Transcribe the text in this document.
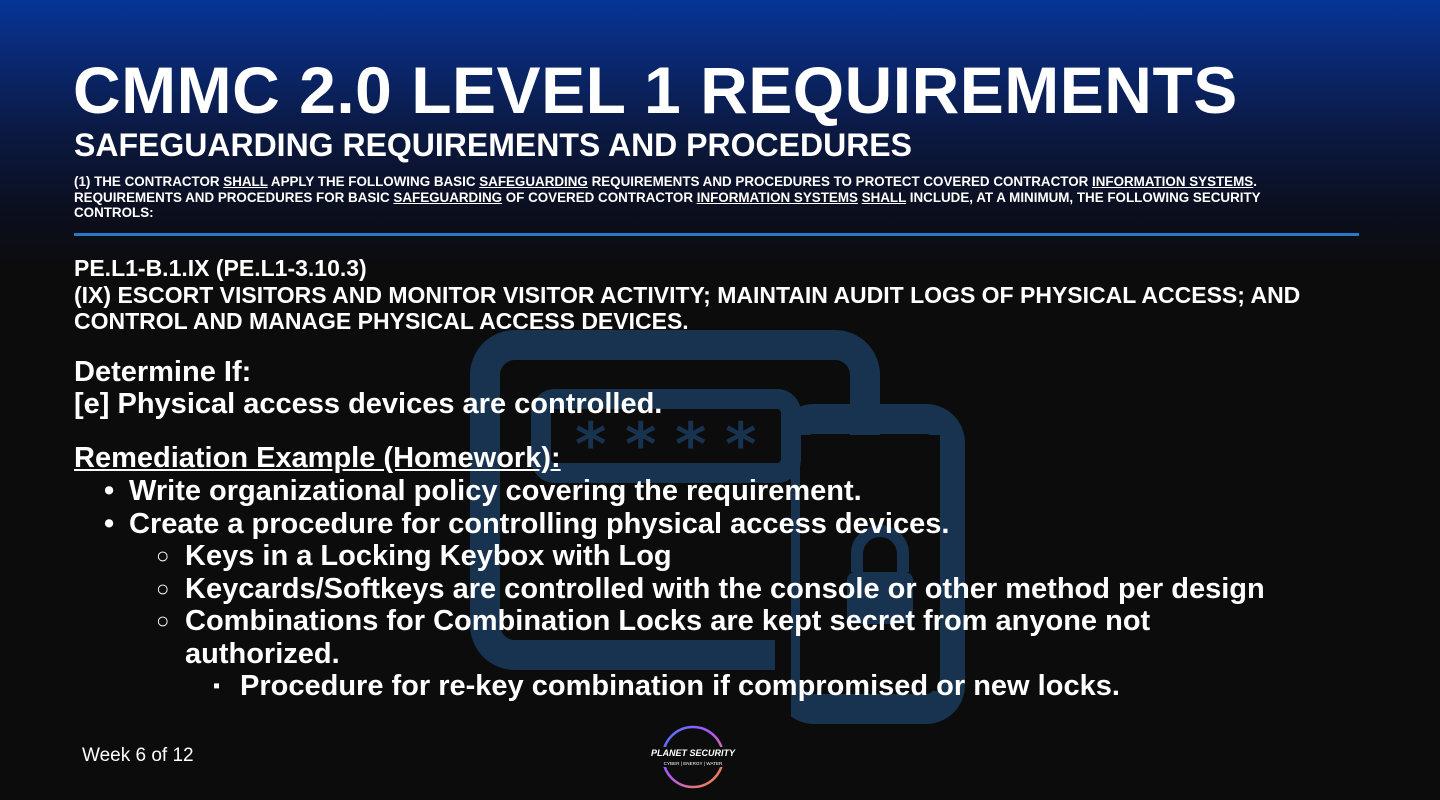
* * * *
CMMC 2.0 LEVEL 1 REQUIREMENTS
SAFEGUARDING REQUIREMENTS AND PROCEDURES

(1) THE CONTRACTOR SHALL APPLY THE FOLLOWING BASIC SAFEGUARDING REQUIREMENTS AND PROCEDURES TO PROTECT COVERED CONTRACTOR INFORMATION SYSTEMS. REQUIREMENTS AND PROCEDURES FOR BASIC SAFEGUARDING OF COVERED CONTRACTOR INFORMATION SYSTEMS SHALL INCLUDE, AT A MINIMUM, THE FOLLOWING SECURITY CONTROLS:

PE.L1-B.1.IX (PE.L1-3.10.3)

(IX) ESCORT VISITORS AND MONITOR VISITOR ACTIVITY; MAINTAIN AUDIT LOGS OF PHYSICAL ACCESS; AND CONTROL AND MANAGE PHYSICAL ACCESS DEVICES.

Determine If:
[e] Physical access devices are controlled.
Remediation Example (Homework):
• Write organizational policy covering the requirement.
• Create a procedure for controlling physical access devices.
○ Keys in a Locking Keybox with Log
○ Keycards/Softkeys are controlled with the console or other method per design
○ Combinations for Combination Locks are kept secret from anyone not authorized.
▪ Procedure for re-key combination if compromised or new locks.

Week 6 of 12	PLANET SECURITY
CYBER | ENERGY | WATER
